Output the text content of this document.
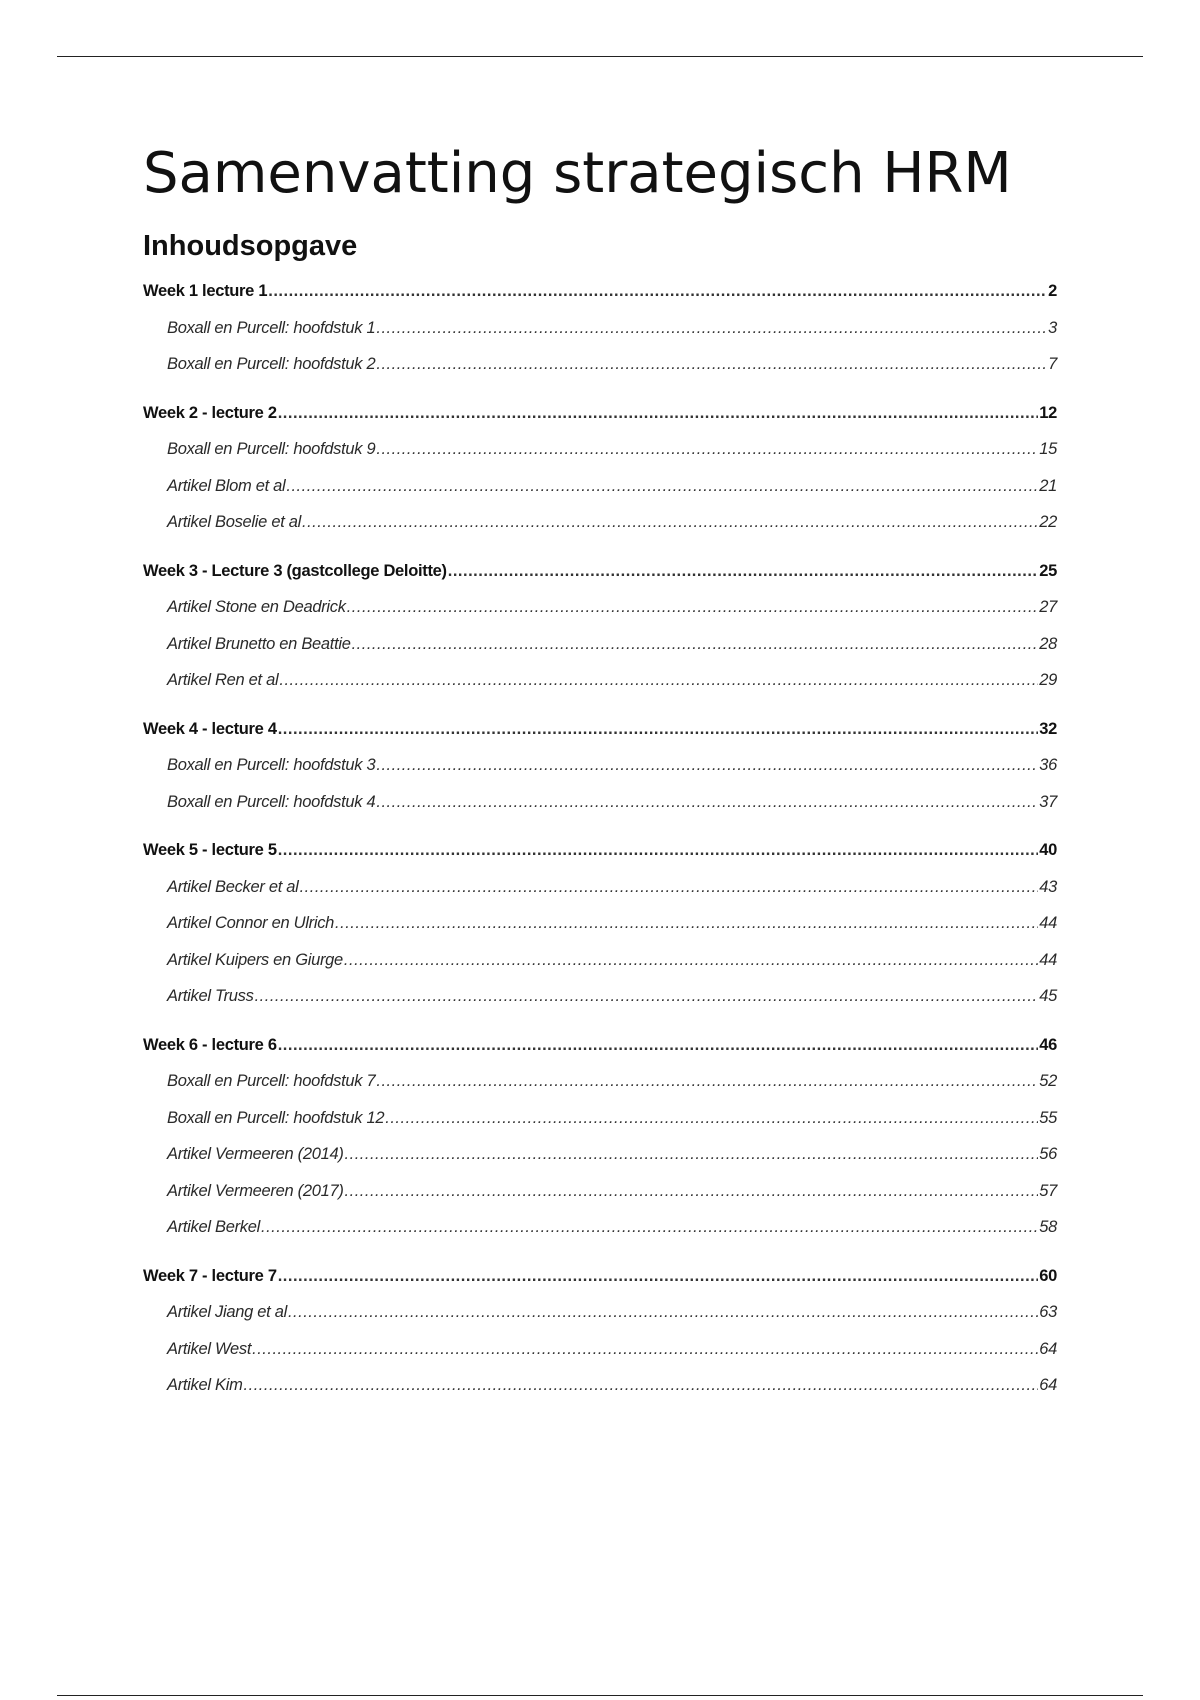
Samenvatting strategisch HRM
Inhoudsopgave
Week 1 lecture 1 .....	2
Boxall en Purcell: hoofdstuk 1 .....	3
Boxall en Purcell: hoofdstuk 2 .....	7
Week 2 - lecture 2 .....	12
Boxall en Purcell: hoofdstuk 9 .....	15
Artikel Blom et al .....	21
Artikel Boselie et al .....	22
Week 3 - Lecture 3 (gastcollege Deloitte) .....	25
Artikel Stone en Deadrick .....	27
Artikel Brunetto en Beattie .....	28
Artikel Ren et al .....	29
Week 4 - lecture 4 .....	32
Boxall en Purcell: hoofdstuk 3 .....	36
Boxall en Purcell: hoofdstuk 4 .....	37
Week 5 - lecture 5 .....	40
Artikel Becker et al .....	43
Artikel Connor en Ulrich .....	44
Artikel Kuipers en Giurge .....	44
Artikel Truss .....	45
Week 6 - lecture 6 .....	46
Boxall en Purcell: hoofdstuk 7 .....	52
Boxall en Purcell: hoofdstuk 12 .....	55
Artikel Vermeeren (2014) .....	56
Artikel Vermeeren (2017) .....	57
Artikel Berkel .....	58
Week 7 - lecture 7 .....	60
Artikel Jiang et al .....	63
Artikel West .....	64
Artikel Kim .....	64
